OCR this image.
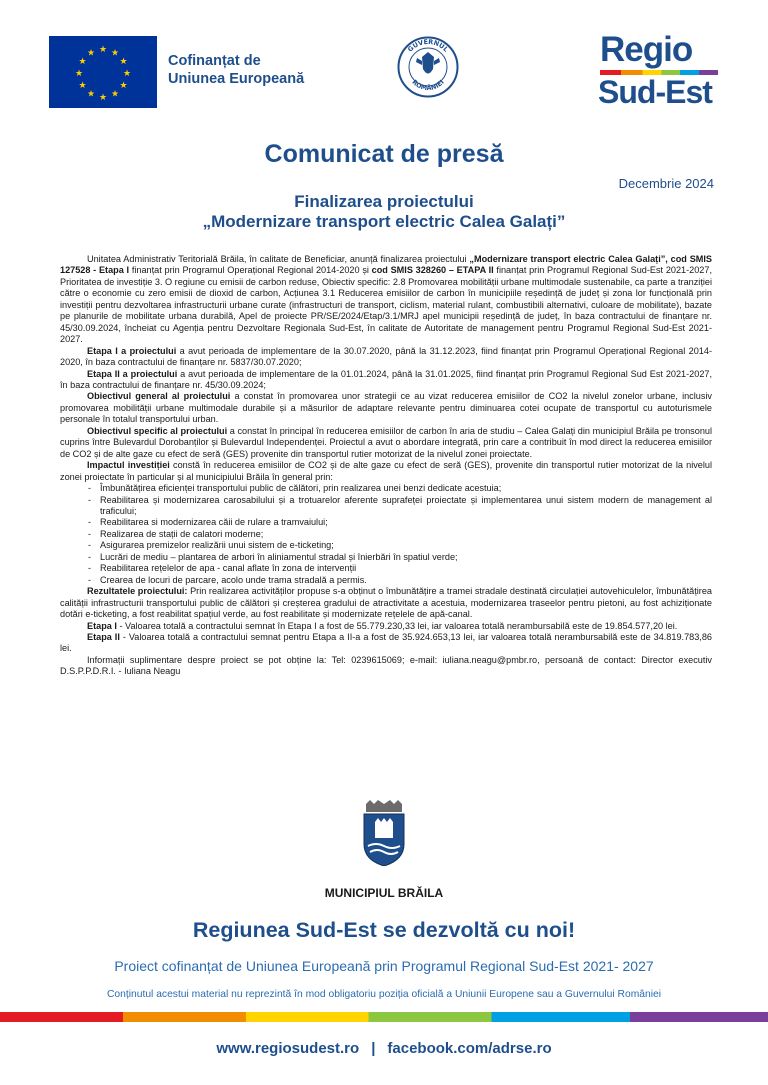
★ ★
★
★
★
★
★
★
★
★
★
★	Cofinanțat de
Uniunea Europeană
GUVERNUL
ROMÂNIEI
Regio
Sud-Est
Comunicat de presă
Decembrie 2024
Finalizarea proiectului
„Modernizare transport electric Calea Galați”

Unitatea Administrativ Teritorială Brăila, în calitate de Beneficiar, anunță finalizarea proiectului „Modernizare transport electric Calea Galați”, cod SMIS 127528 - Etapa I finanțat prin Programul Operațional Regional 2014-2020 și cod SMIS 328260 – ETAPA II finanțat prin Programul Regional Sud-Est 2021-2027, Prioritatea de investiție 3. O regiune cu emisii de carbon reduse, Obiectiv specific: 2.8 Promovarea mobilității urbane multimodale sustenabile, ca parte a tranziției către o economie cu zero emisii de dioxid de carbon, Acțiunea 3.1 Reducerea emisiilor de carbon în municipiile reședință de județ și zona lor funcțională prin investiții pentru dezvoltarea infrastructurii urbane curate (infrastructuri de transport, ciclism, material rulant, combustibili alternativi, culoare de mobilitate), bazate pe planurile de mobilitate urbana durabilă, Apel de proiecte PR/SE/2024/Etap/3.1/MRJ apel municipii reședință de județ, în baza contractului de finanțare nr. 45/30.09.2024, încheiat cu Agenția pentru Dezvoltare Regionala Sud-Est, în calitate de Autoritate de management pentru Programul Regional Sud-Est 2021-2027.

Etapa I a proiectului a avut perioada de implementare de la 30.07.2020, până la 31.12.2023, fiind finanțat prin Programul Operațional Regional 2014-2020, în baza contractului de finanțare nr. 5837/30.07.2020;

Etapa II a proiectului a avut perioada de implementare de la 01.01.2024, până la 31.01.2025, fiind finanțat prin Programul Regional Sud Est 2021-2027, în baza contractului de finanțare nr. 45/30.09.2024;

Obiectivul general al proiectului a constat în promovarea unor strategii ce au vizat reducerea emisiilor de CO2 la nivelul zonelor urbane, inclusiv promovarea mobilității urbane multimodale durabile și a măsurilor de adaptare relevante pentru diminuarea cotei ocupate de transportul cu autoturismele personale în totalul transportului urban.

Obiectivul specific al proiectului a constat în principal în reducerea emisiilor de carbon în aria de studiu – Calea Galați din municipiul Brăila pe tronsonul cuprins între Bulevardul Dorobanților și Bulevardul Independenței. Proiectul a avut o abordare integrată, prin care a contribuit în mod direct la reducerea emisiilor de CO2 și de alte gaze cu efect de seră (GES) provenite din transportul rutier motorizat de la nivelul zonei proiectate.

Impactul investiției constă în reducerea emisiilor de CO2 și de alte gaze cu efect de seră (GES), provenite din transportul rutier motorizat de la nivelul zonei proiectate în particular și al municipiului Brăila în general prin:

- Îmbunătățirea eficienței transportului public de călători, prin realizarea unei benzi dedicate acestuia;
- Reabilitarea și modernizarea carosabilului și a trotuarelor aferente suprafeței proiectate și implementarea unui sistem modern de management al traficului;
- Reabilitarea si modernizarea căii de rulare a tramvaiului;
- Realizarea de stații de calatori moderne;
- Asigurarea premizelor realizării unui sistem de e-ticketing;
- Lucrări de mediu – plantarea de arbori în aliniamentul stradal și înierbări în spatiul verde;
- Reabilitarea rețelelor de apa - canal aflate în zona de intervenții
- Crearea de locuri de parcare, acolo unde trama stradală a permis.

Rezultatele proiectului: Prin realizarea activităților propuse s-a obținut o îmbunătățire a tramei stradale destinată circulației autovehiculelor, îmbunătățirea calității infrastructurii transportului public de călători și creșterea gradului de atractivitate a acestuia, modernizarea traseelor pentru pietoni, au fost achiziționate dotări e-ticketing, a fost reabilitat spațiul verde, au fost reabilitate și modernizate rețelele de apă-canal.

Etapa I - Valoarea totală a contractului semnat în Etapa I a fost de 55.779.230,33 lei, iar valoarea totală nerambursabilă este de 19.854.577,20 lei.

Etapa II - Valoarea totală a contractului semnat pentru Etapa a II-a a fost de 35.924.653,13 lei, iar valoarea totală nerambursabilă este de 34.819.783,86 lei.

Informații suplimentare despre proiect se pot obține la: Tel: 0239615069; e-mail: iuliana.neagu@pmbr.ro, persoană de contact: Director executiv D.S.P.P.D.R.I. - Iuliana Neagu

MUNICIPIUL BRĂILA
Regiunea Sud-Est se dezvoltă cu noi!
Proiect cofinanțat de Uniunea Europeană prin Programul Regional Sud-Est 2021- 2027
Conținutul acestui material nu reprezintă în mod obligatoriu poziția oficială a Uniunii Europene sau a Guvernului României
www.regiosudest.ro | facebook.com/adrse.ro
